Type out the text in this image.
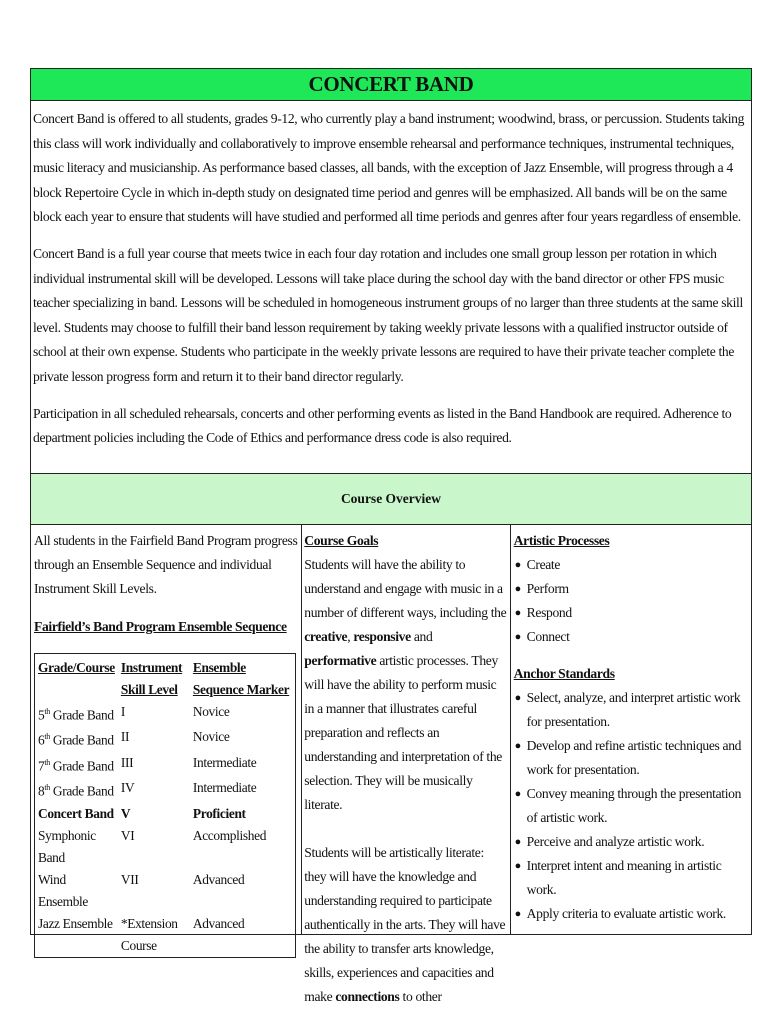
CONCERT BAND

Concert Band is offered to all students, grades 9-12, who currently play a band instrument; woodwind, brass, or percussion. Students taking this class will work individually and collaboratively to improve ensemble rehearsal and performance techniques, instrumental techniques, music literacy and musicianship. As performance based classes, all bands, with the exception of Jazz Ensemble, will progress through a 4 block Repertoire Cycle in which in-depth study on designated time period and genres will be emphasized. All bands will be on the same block each year to ensure that students will have studied and performed all time periods and genres after four years regardless of ensemble.

Concert Band is a full year course that meets twice in each four day rotation and includes one small group lesson per rotation in which individual instrumental skill will be developed. Lessons will take place during the school day with the band director or other FPS music teacher specializing in band. Lessons will be scheduled in homogeneous instrument groups of no larger than three students at the same skill level. Students may choose to fulfill their band lesson requirement by taking weekly private lessons with a qualified instructor outside of school at their own expense. Students who participate in the weekly private lessons are required to have their private teacher complete the private lesson progress form and return it to their band director regularly.

Participation in all scheduled rehearsals, concerts and other performing events as listed in the Band Handbook are required. Adherence to department policies including the Code of Ethics and performance dress code is also required.

Course Overview
All students in the Fairfield Band Program progress through an Ensemble Sequence and individual Instrument Skill Levels.
Fairfield’s Band Program Ensemble Sequence
Grade/Course	Instrument Skill Level	Ensemble Sequence Marker
5th Grade Band	I	Novice
6th Grade Band	II	Novice
7th Grade Band	III	Intermediate
8th Grade Band	IV	Intermediate
Concert Band	V	Proficient
Symphonic Band	VI	Accomplished
Wind Ensemble	VII	Advanced
Jazz Ensemble	*Extension Course	Advanced
Course Goals
Students will have the ability to understand and engage with music in a number of different ways, including the creative, responsive and performative artistic processes. They will have the ability to perform music in a manner that illustrates careful preparation and reflects an understanding and interpretation of the selection. They will be musically literate.
Students will be artistically literate: they will have the knowledge and understanding required to participate authentically in the arts. They will have the ability to transfer arts knowledge, skills, experiences and capacities and make connections to other
Artistic Processes
● Create
● Perform
● Respond
● Connect
Anchor Standards
● Select, analyze, and interpret artistic work for presentation.
● Develop and refine artistic techniques and work for presentation.
● Convey meaning through the presentation of artistic work.
● Perceive and analyze artistic work.
● Interpret intent and meaning in artistic work.
● Apply criteria to evaluate artistic work.
